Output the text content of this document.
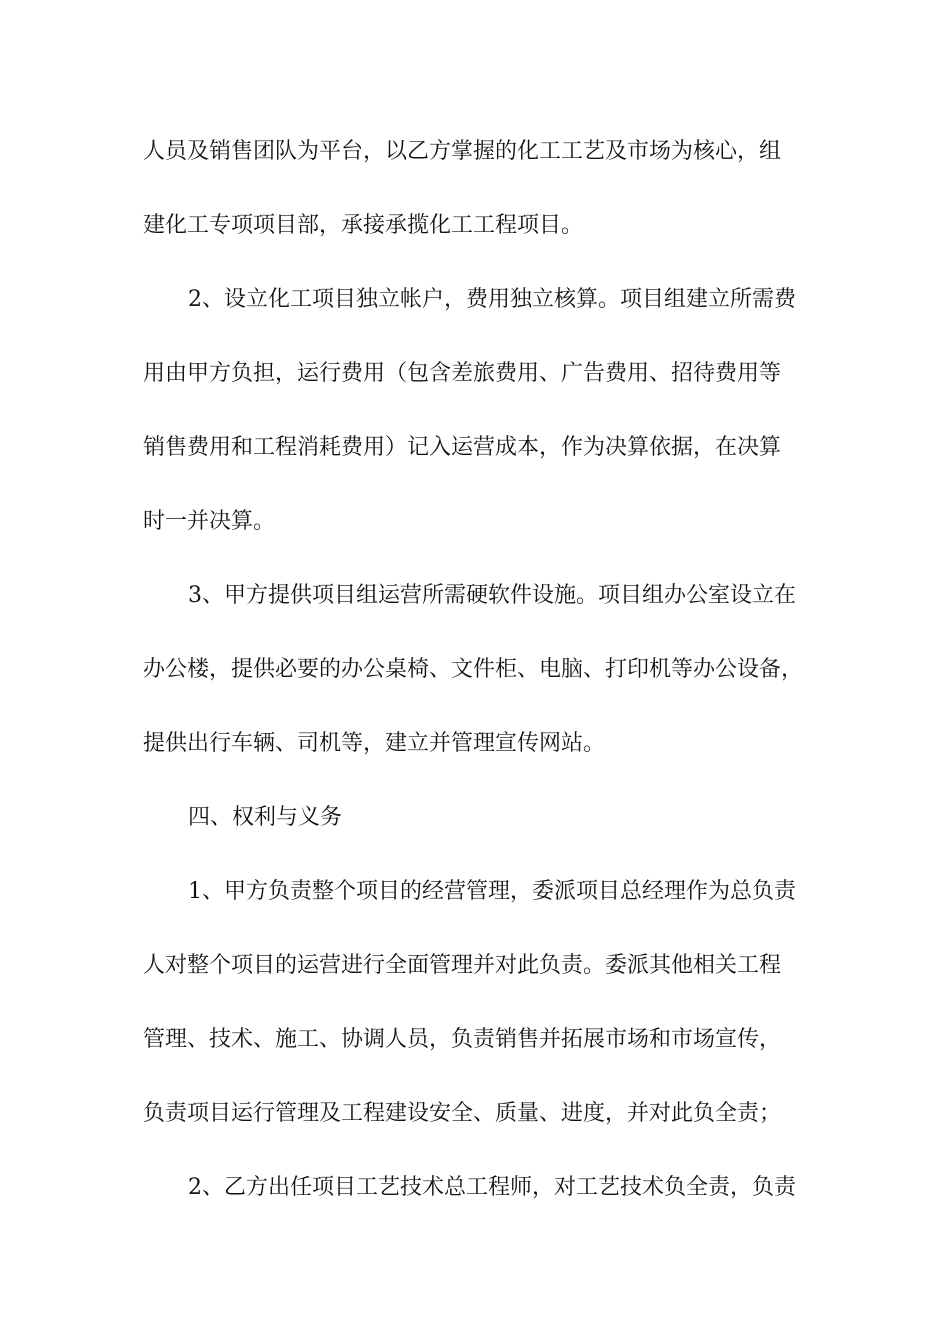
人员及销售团队为平台，以乙方掌握的化工工艺及市场为核心，组
建化工专项项目部，承接承揽化工工程项目。
2、设立化工项目独立帐户，费用独立核算。项目组建立所需费
用由甲方负担，运行费用（包含差旅费用、广告费用、招待费用等
销售费用和工程消耗费用）记入运营成本，作为决算依据，在决算
时一并决算。
3、甲方提供项目组运营所需硬软件设施。项目组办公室设立在
办公楼，提供必要的办公桌椅、文件柜、电脑、打印机等办公设备，
提供出行车辆、司机等，建立并管理宣传网站。
四、权利与义务
1、甲方负责整个项目的经营管理，委派项目总经理作为总负责
人对整个项目的运营进行全面管理并对此负责。委派其他相关工程
管理、技术、施工、协调人员，负责销售并拓展市场和市场宣传，
负责项目运行管理及工程建设安全、质量、进度，并对此负全责；
2、乙方出任项目工艺技术总工程师，对工艺技术负全责，负责
